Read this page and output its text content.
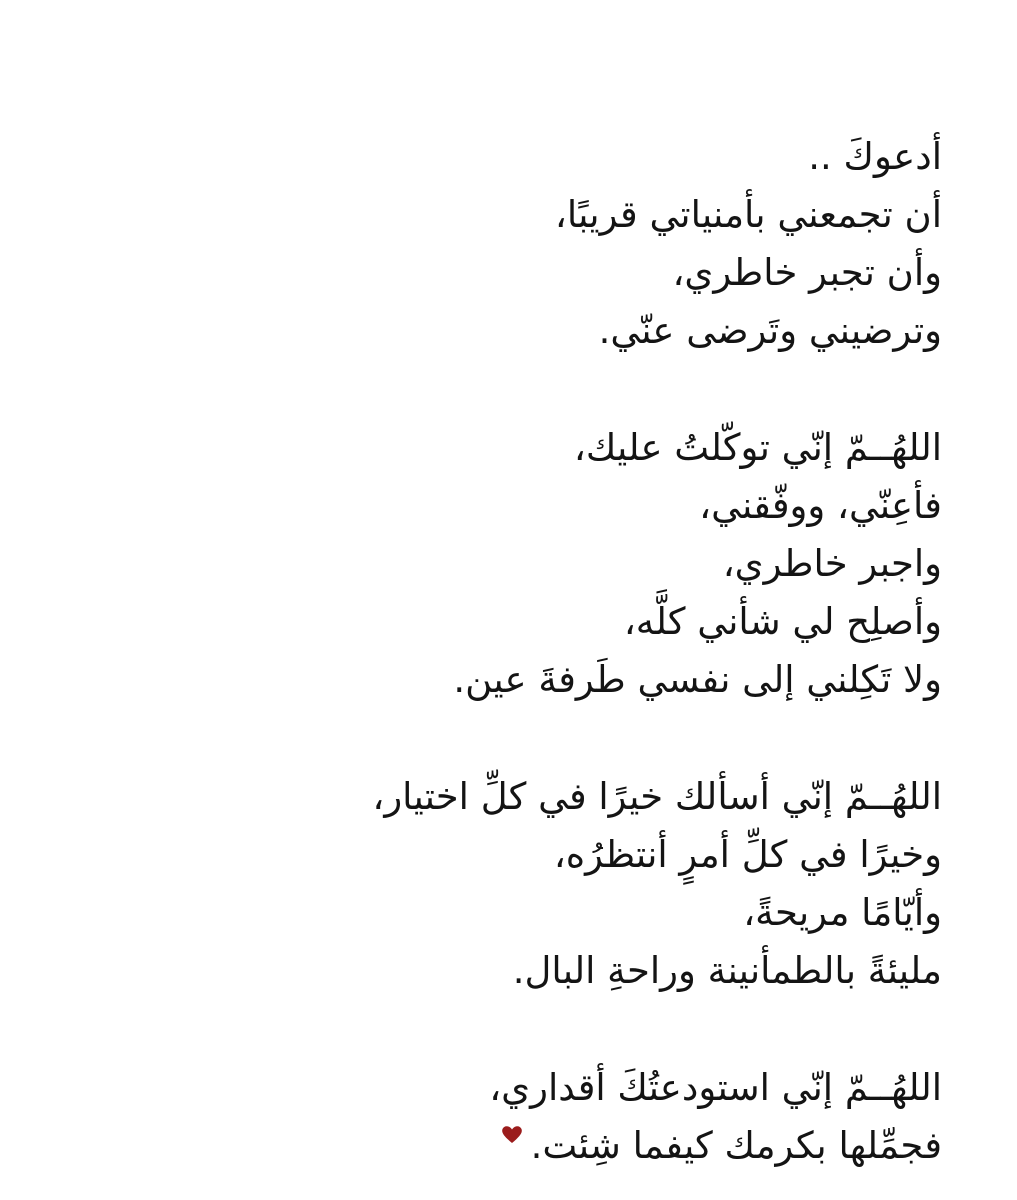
أدعوكَ ..
أن تجمعني بأمنياتي قريبًا،
وأن تجبر خاطري،
وترضيني وتَرضى عنّي.
اللهُــمّ إنّي توكّلتُ عليك،
فأعِنّي، ووفّقني،
واجبر خاطري،
وأصلِح لي شأني كلَّه،
ولا تَكِلني إلى نفسي طَرفةَ عين.
اللهُــمّ إنّي أسألك خيرًا في كلِّ اختيار،
وخيرًا في كلِّ أمرٍ أنتظرُه،
وأيّامًا مريحةً،
مليئةً بالطمأنينة وراحةِ البال.
اللهُــمّ إنّي استودعتُكَ أقداري،
فجمِّلها بكرمك كيفما شِئت.
